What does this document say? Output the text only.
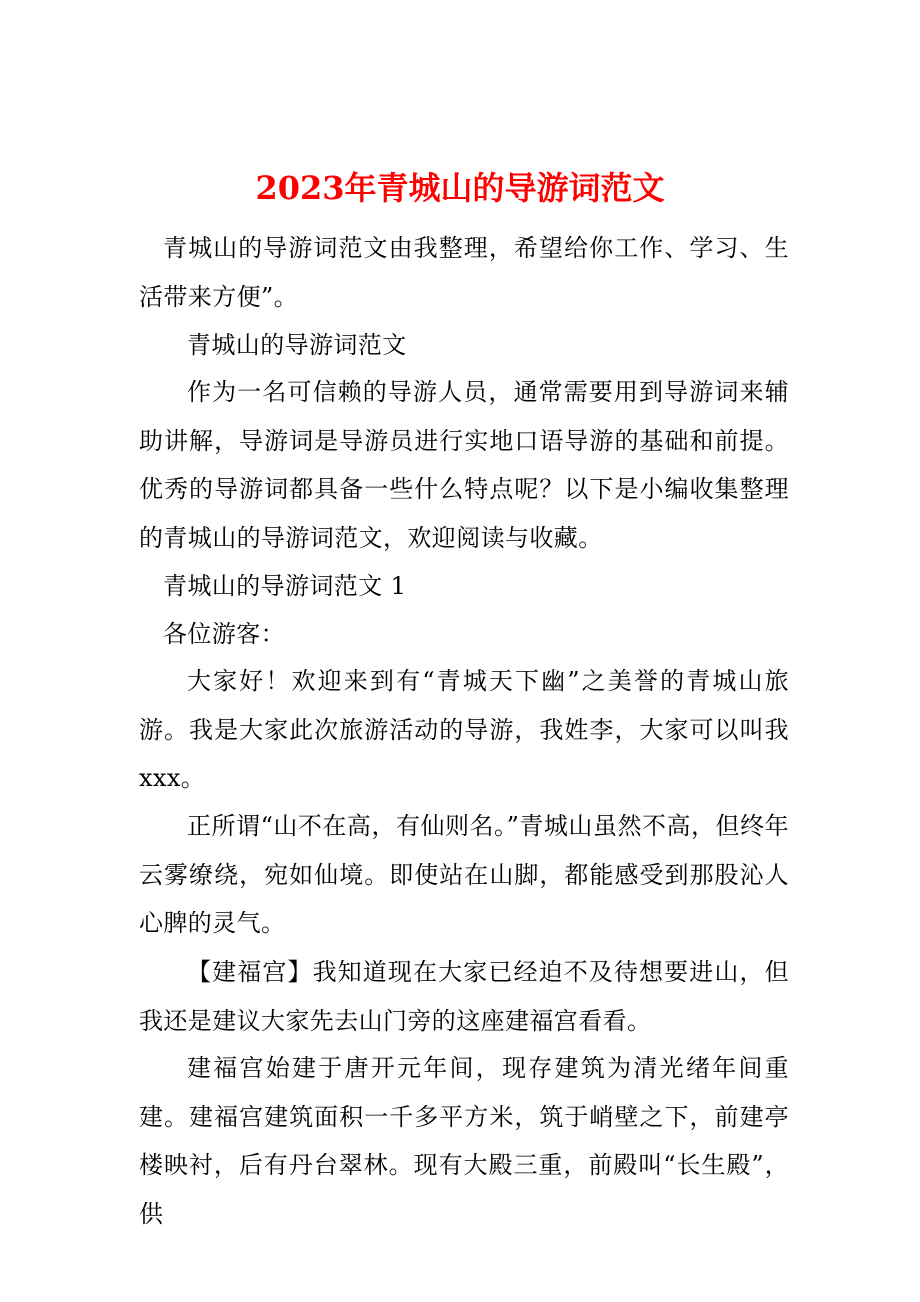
2023年青城山的导游词范文

青城山的导游词范文由我整理，希望给你工作、学习、生活带来方便”。

青城山的导游词范文

作为一名可信赖的导游人员，通常需要用到导游词来辅助讲解，导游词是导游员进行实地口语导游的基础和前提。优秀的导游词都具备一些什么特点呢？以下是小编收集整理的青城山的导游词范文，欢迎阅读与收藏。

青城山的导游词范文 1

各位游客：

大家好！欢迎来到有“青城天下幽”之美誉的青城山旅游。我是大家此次旅游活动的导游，我姓李，大家可以叫我 xxx。

正所谓“山不在高，有仙则名。”青城山虽然不高，但终年云雾缭绕，宛如仙境。即使站在山脚，都能感受到那股沁人心脾的灵气。

【建福宫】我知道现在大家已经迫不及待想要进山，但我还是建议大家先去山门旁的这座建福宫看看。

建福宫始建于唐开元年间，现存建筑为清光绪年间重建。建福宫建筑面积一千多平方米，筑于峭壁之下，前建亭楼映衬，后有丹台翠林。现有大殿三重，前殿叫“长生殿”，供
